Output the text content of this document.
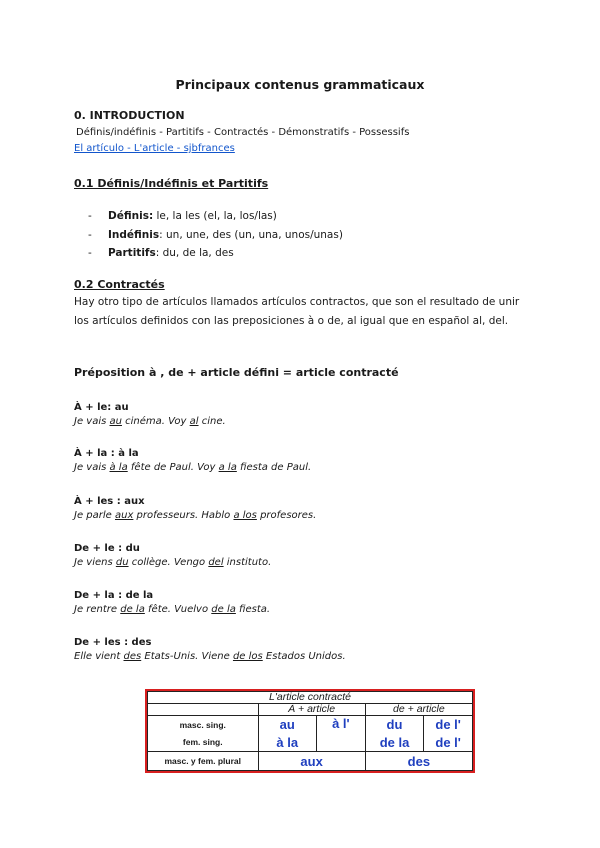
Principaux contenus grammaticaux
0. INTRODUCTION
Définis/indéfinis - Partitifs - Contractés - Démonstratifs - Possessifs
El artículo - L'article - sjbfrances
0.1 Définis/Indéfinis et Partitifs
- Définis: le, la les (el, la, los/las)
- Indéfinis: un, une, des (un, una, unos/unas)
- Partitifs: du, de la, des
0.2 Contractés
Hay otro tipo de artículos llamados artículos contractos, que son el resultado de unir los artículos definidos con las preposiciones à o de, al igual que en español al, del.
Préposition à , de + article défini = article contracté
À + le: au
Je vais au cinéma. Voy al cine.
À + la : à la
Je vais à la fête de Paul. Voy a la fiesta de Paul.
À + les : aux
Je parle aux professeurs. Hablo a los profesores.
De + le : du
Je viens du collège. Vengo del instituto.
De + la : de la
Je rentre de la fête. Vuelvo de la fiesta.
De + les : des
Elle vient des Etats-Unis. Viene de los Estados Unidos.
L'article contracté				
	À + article		de + article	
masc. sing.	au	à l'	du	de l'
fem. sing.	à la		de la	de l'
masc. y fem. plural	aux		des	
